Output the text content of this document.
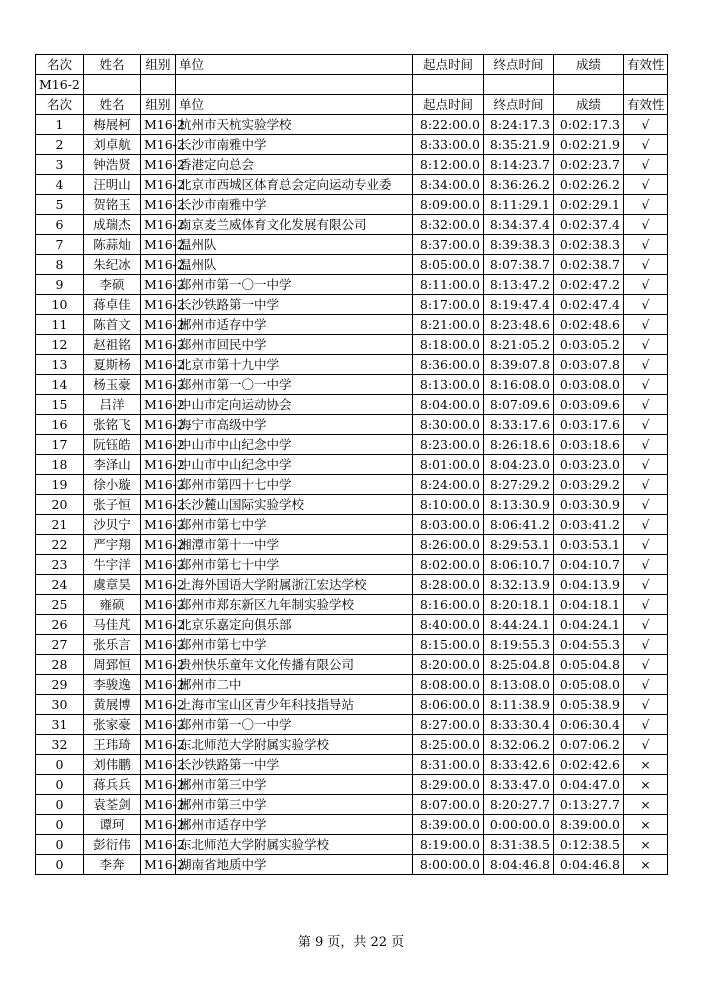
名次	姓名	组别	单位	起点时间	终点时间	成绩	有效性
M16-2							
名次	姓名	组别	单位	起点时间	终点时间	成绩	有效性
1	梅展柯	M16-2	杭州市天杭实验学校	8:22:00.0	8:24:17.3	0:02:17.3	√
2	刘卓航	M16-2	长沙市南雅中学	8:33:00.0	8:35:21.9	0:02:21.9	√
3	钟浩贤	M16-2	香港定向总会	8:12:00.0	8:14:23.7	0:02:23.7	√
4	汪明山	M16-2	北京市西城区体育总会定向运动专业委	8:34:00.0	8:36:26.2	0:02:26.2	√
5	贺铭玉	M16-2	长沙市南雅中学	8:09:00.0	8:11:29.1	0:02:29.1	√
6	成瑞杰	M16-2	南京麦兰威体育文化发展有限公司	8:32:00.0	8:34:37.4	0:02:37.4	√
7	陈蒜灿	M16-2	温州队	8:37:00.0	8:39:38.3	0:02:38.3	√
8	朱纪冰	M16-2	温州队	8:05:00.0	8:07:38.7	0:02:38.7	√
9	李硕	M16-2	郑州市第一〇一中学	8:11:00.0	8:13:47.2	0:02:47.2	√
10	蒋卓佳	M16-2	长沙铁路第一中学	8:17:00.0	8:19:47.4	0:02:47.4	√
11	陈首文	M16-2	郴州市适存中学	8:21:00.0	8:23:48.6	0:02:48.6	√
12	赵祖铭	M16-2	郑州市回民中学	8:18:00.0	8:21:05.2	0:03:05.2	√
13	夏斯杨	M16-2	北京市第十九中学	8:36:00.0	8:39:07.8	0:03:07.8	√
14	杨玉豪	M16-2	郑州市第一〇一中学	8:13:00.0	8:16:08.0	0:03:08.0	√
15	吕洋	M16-2	中山市定向运动协会	8:04:00.0	8:07:09.6	0:03:09.6	√
16	张铭飞	M16-2	海宁市高级中学	8:30:00.0	8:33:17.6	0:03:17.6	√
17	阮钰皓	M16-2	中山市中山纪念中学	8:23:00.0	8:26:18.6	0:03:18.6	√
18	李泽山	M16-2	中山市中山纪念中学	8:01:00.0	8:04:23.0	0:03:23.0	√
19	徐小璇	M16-2	郑州市第四十七中学	8:24:00.0	8:27:29.2	0:03:29.2	√
20	张子恒	M16-2	长沙麓山国际实验学校	8:10:00.0	8:13:30.9	0:03:30.9	√
21	沙贝宁	M16-2	郑州市第七中学	8:03:00.0	8:06:41.2	0:03:41.2	√
22	严宇翔	M16-2	湘潭市第十一中学	8:26:00.0	8:29:53.1	0:03:53.1	√
23	牛宇洋	M16-2	郑州市第七十中学	8:02:00.0	8:06:10.7	0:04:10.7	√
24	虞章昊	M16-2	上海外国语大学附属浙江宏达学校	8:28:00.0	8:32:13.9	0:04:13.9	√
25	雍硕	M16-2	郑州市郑东新区九年制实验学校	8:16:00.0	8:20:18.1	0:04:18.1	√
26	马佳芃	M16-2	北京乐嘉定向俱乐部	8:40:00.0	8:44:24.1	0:04:24.1	√
27	张乐言	M16-2	郑州市第七中学	8:15:00.0	8:19:55.3	0:04:55.3	√
28	周郅恒	M16-2	贵州快乐童年文化传播有限公司	8:20:00.0	8:25:04.8	0:05:04.8	√
29	李骏逸	M16-2	郴州市二中	8:08:00.0	8:13:08.0	0:05:08.0	√
30	黄展博	M16-2	上海市宝山区青少年科技指导站	8:06:00.0	8:11:38.9	0:05:38.9	√
31	张家豪	M16-2	郑州市第一〇一中学	8:27:00.0	8:33:30.4	0:06:30.4	√
32	王玮琦	M16-2	东北师范大学附属实验学校	8:25:00.0	8:32:06.2	0:07:06.2	√
0	刘伟鹏	M16-2	长沙铁路第一中学	8:31:00.0	8:33:42.6	0:02:42.6	×
0	蒋兵兵	M16-2	郴州市第三中学	8:29:00.0	8:33:47.0	0:04:47.0	×
0	袁荃剑	M16-2	郴州市第三中学	8:07:00.0	8:20:27.7	0:13:27.7	×
0	谭珂	M16-2	郴州市适存中学	8:39:00.0	0:00:00.0	8:39:00.0	×
0	彭衍伟	M16-2	东北师范大学附属实验学校	8:19:00.0	8:31:38.5	0:12:38.5	×
0	李奔	M16-2	湖南省地质中学	8:00:00.0	8:04:46.8	0:04:46.8	×
第 9 页，共 22 页
